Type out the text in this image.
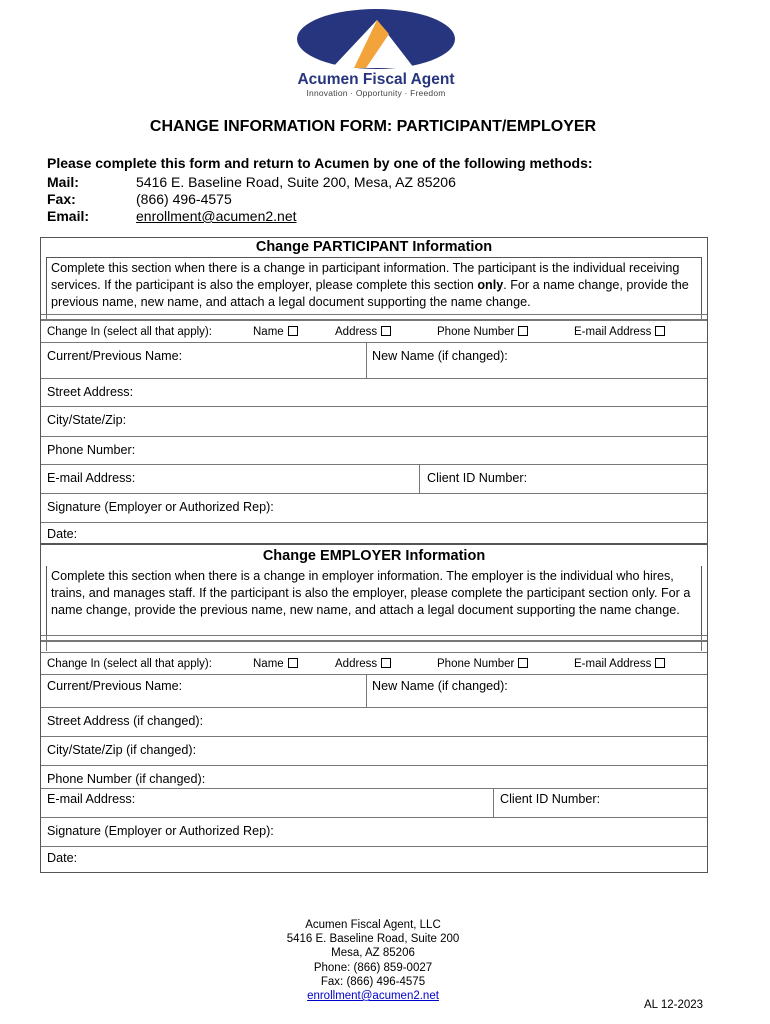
Acumen Fiscal Agent
Innovation · Opportunity · Freedom
CHANGE INFORMATION FORM: PARTICIPANT/EMPLOYER
Please complete this form and return to Acumen by one of the following methods:
Mail:	5416 E. Baseline Road, Suite 200, Mesa, AZ 85206
Fax:	(866) 496-4575
Email:	enrollment@acumen2.net
Change PARTICIPANT Information
Complete this section when there is a change in participant information. The participant is the individual receiving services. If the participant is also the employer, please complete this section only. For a name change, provide the previous name, new name, and attach a legal document supporting the name change.
Change In (select all that apply):	Name	Address	Phone Number	E-mail Address
Current/Previous Name:	New Name (if changed):
Street Address:
City/State/Zip:
Phone Number:
E-mail Address:	Client ID Number:
Signature (Employer or Authorized Rep):
Date:
Change EMPLOYER Information
Complete this section when there is a change in employer information. The employer is the individual who hires, trains, and manages staff. If the participant is also the employer, please complete the participant section only. For a name change, provide the previous name, new name, and attach a legal document supporting the name change.
Change In (select all that apply):	Name	Address	Phone Number	E-mail Address
Current/Previous Name:	New Name (if changed):
Street Address (if changed):
City/State/Zip (if changed):
Phone Number (if changed):
E-mail Address:	Client ID Number:
Signature (Employer or Authorized Rep):
Date:
Acumen Fiscal Agent, LLC
5416 E. Baseline Road, Suite 200
Mesa, AZ 85206
Phone: (866) 859-0027
Fax: (866) 496-4575
enrollment@acumen2.net
AL 12-2023
